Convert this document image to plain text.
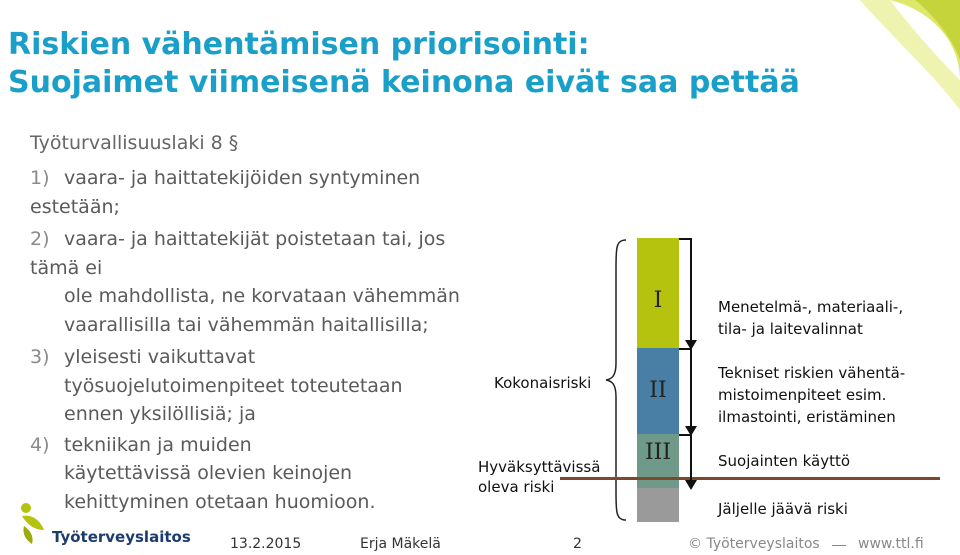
Riskien vähentämisen priorisointi:
Suojaimet viimeisenä keinona eivät saa pettää
Työturvallisuuslaki 8 §
1) vaara- ja haittatekijöiden syntyminen estetään;
2) vaara- ja haittatekijät poistetaan tai, jos tämä ei
ole mahdollista, ne korvataan vähemmän
vaarallisilla tai vähemmän haitallisilla;
3) yleisesti vaikuttavat
työsuojelutoimenpiteet toteutetaan
ennen yksilöllisiä; ja
4) tekniikan ja muiden
käytettävissä olevien keinojen
kehittyminen otetaan huomioon.
Kokonaisriski
Hyväksyttävissä
oleva riski
I
II
III
Menetelmä-, materiaali-,
tila- ja laitevalinnat
Tekniset riskien vähentä-
mistoimenpiteet esim.
ilmastointi, eristäminen
Suojainten käyttö
Jäljelle jäävä riski
Työterveyslaitos	13.2.2015	Erja Mäkelä	2	© Työterveyslaitos	www.ttl.fi
